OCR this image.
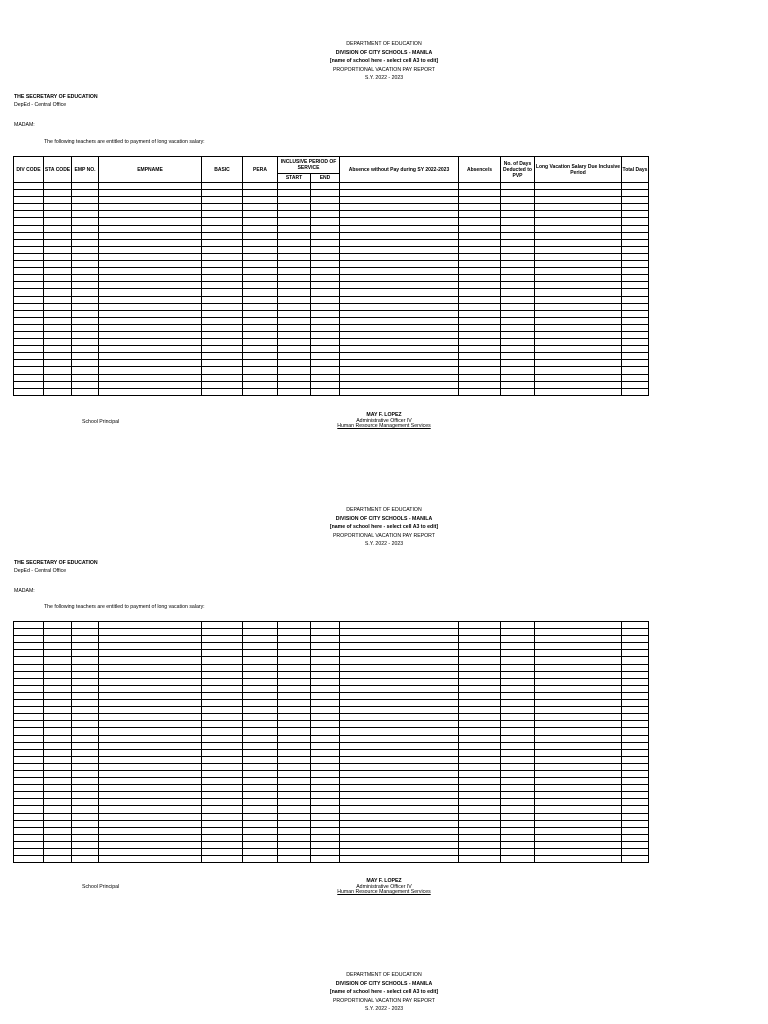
DEPARTMENT OF EDUCATION
DIVISION OF CITY SCHOOLS - MANILA
[name of school here - select cell A3 to edit]
PROPORTIONAL VACATION PAY REPORT
S.Y. 2022 - 2023
THE SECRETARY OF EDUCATION
DepEd - Central Office
MADAM:
The following teachers are entitled to payment of long vacation salary:
DIV CODE	STA CODE	EMP NO.	EMPNAME	BASIC	PERA	INCLUSIVE PERIOD OF SERVICE		Absence without Pay during SY 2022-2023	Absence/s	No. of Days Deducted to PVP	Long Vacation Salary Due Inclusive Period	Total Days
						START	END					

School Principal
MAY F. LOPEZ
Administrative Officer IV
Human Resource Management Services
DEPARTMENT OF EDUCATION
DIVISION OF CITY SCHOOLS - MANILA
[name of school here - select cell A3 to edit]
PROPORTIONAL VACATION PAY REPORT
S.Y. 2022 - 2023
THE SECRETARY OF EDUCATION
DepEd - Central Office
MADAM:
The following teachers are entitled to payment of long vacation salary:

School Principal
MAY F. LOPEZ
Administrative Officer IV
Human Resource Management Services
DEPARTMENT OF EDUCATION
DIVISION OF CITY SCHOOLS - MANILA
[name of school here - select cell A3 to edit]
PROPORTIONAL VACATION PAY REPORT
S.Y. 2022 - 2023
